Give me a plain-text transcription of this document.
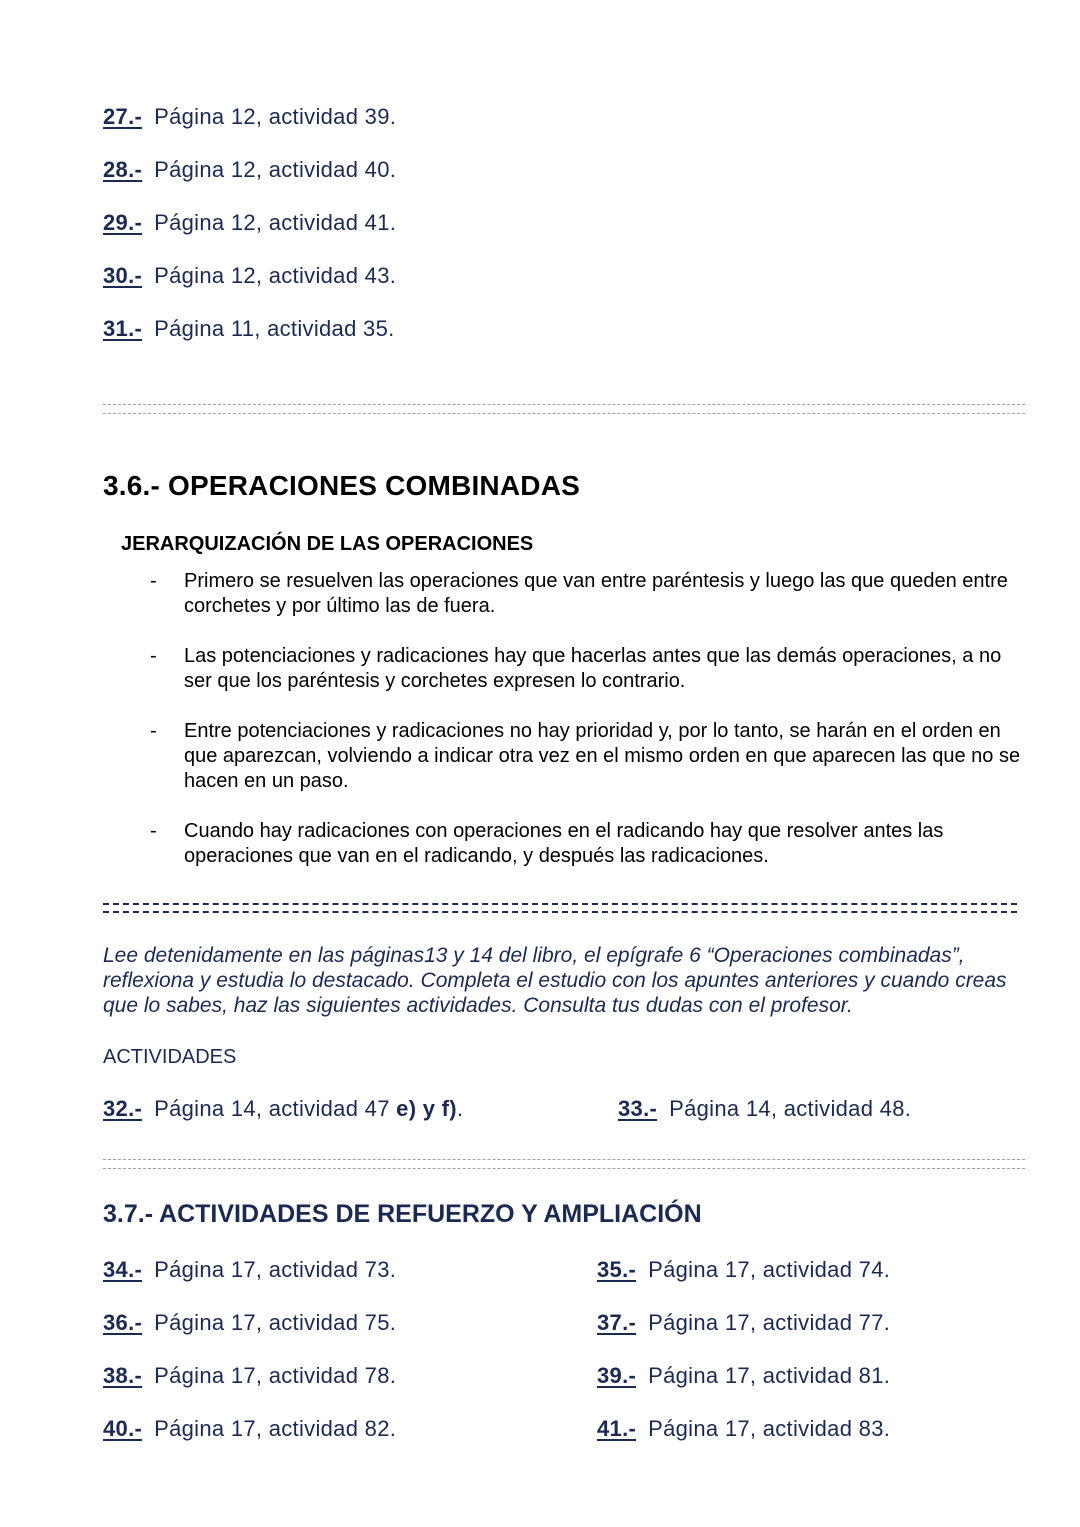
27.- Página 12, actividad 39.
28.- Página 12, actividad 40.
29.- Página 12, actividad 41.
30.- Página 12, actividad 43.
31.- Página 11, actividad 35.
3.6.- OPERACIONES COMBINADAS
JERARQUIZACIÓN DE LAS OPERACIONES
-	Primero se resuelven las operaciones que van entre paréntesis y luego las que queden entre corchetes y por último las de fuera.
-	Las potenciaciones y radicaciones hay que hacerlas antes que las demás operaciones, a no ser que los paréntesis y corchetes expresen lo contrario.
-	Entre potenciaciones y radicaciones no hay prioridad y, por lo tanto, se harán en el orden en que aparezcan, volviendo a indicar otra vez en el mismo orden en que aparecen las que no se hacen en un paso.
-	Cuando hay radicaciones con operaciones en el radicando hay que resolver antes las operaciones que van en el radicando, y después las radicaciones.
Lee detenidamente en las páginas13 y 14 del libro, el epígrafe 6 “Operaciones combinadas”, reflexiona y estudia lo destacado. Completa el estudio con los apuntes anteriores y cuando creas que lo sabes, haz las siguientes actividades. Consulta tus dudas con el profesor.
ACTIVIDADES
32.- Página 14, actividad 47 e) y f).	33.- Página 14, actividad 48.
3.7.- ACTIVIDADES DE REFUERZO Y AMPLIACIÓN
34.- Página 17, actividad 73.	35.- Página 17, actividad 74.
36.- Página 17, actividad 75.	37.- Página 17, actividad 77.
38.- Página 17, actividad 78.	39.- Página 17, actividad 81.
40.- Página 17, actividad 82.	41.- Página 17, actividad 83.
